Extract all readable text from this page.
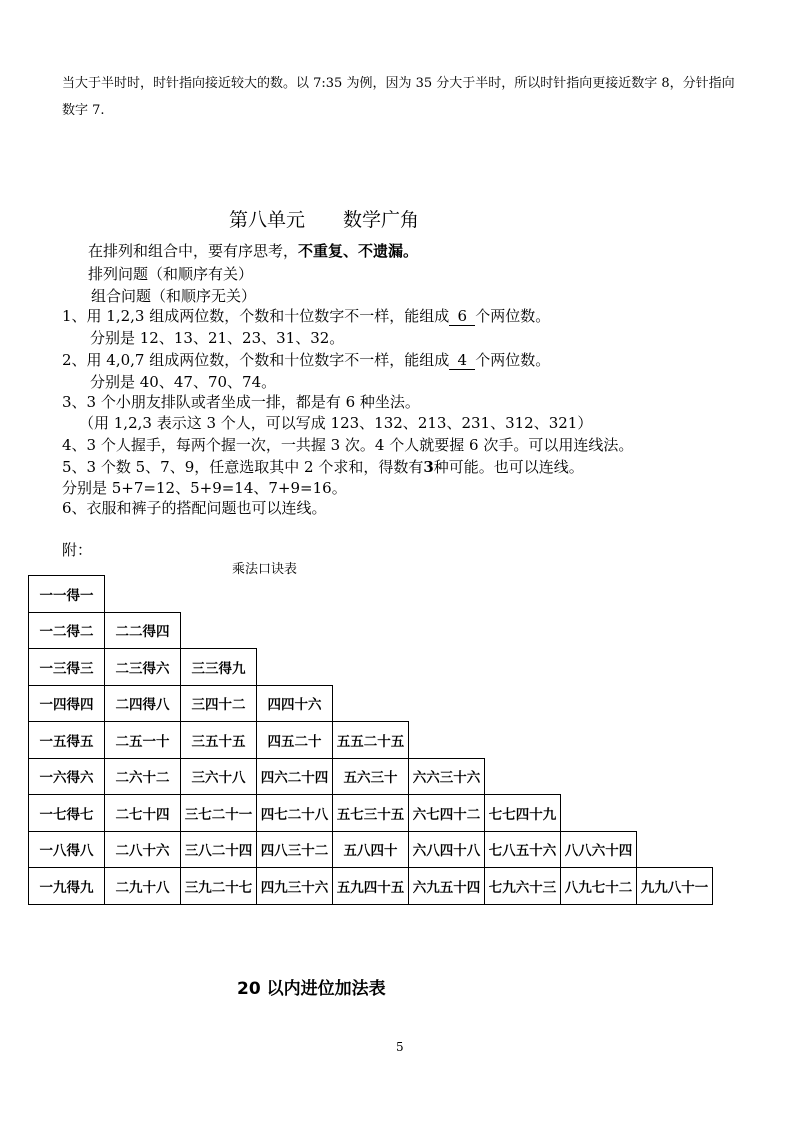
当大于半时时，时针指向接近较大的数。以 7:35 为例，因为 35 分大于半时，所以时针指向更接近数字 8，分针指向
数字 7.
第八单元 数学广角
在排列和组合中，要有序思考，不重复、不遗漏。
排列问题（和顺序有关）
组合问题（和顺序无关）
1、用 1,2,3 组成两位数，个数和十位数字不一样，能组成 6 个两位数。
分别是 12、13、21、23、31、32。
2、用 4,0,7 组成两位数，个数和十位数字不一样，能组成 4 个两位数。
分别是 40、47、70、74。
3、3 个小朋友排队或者坐成一排，都是有 6 种坐法。
（用 1,2,3 表示这 3 个人，可以写成 123、132、213、231、312、321）
4、3 个人握手，每两个握一次，一共握 3 次。4 个人就要握 6 次手。可以用连线法。
5、3 个数 5、7、9，任意选取其中 2 个求和，得数有3种可能。也可以连线。
分别是 5+7=12、5+9=14、7+9=16。
6、衣服和裤子的搭配问题也可以连线。
附：
乘法口诀表
一一得一								
一二得二	二二得四							
一三得三	二三得六	三三得九						
一四得四	二四得八	三四十二	四四十六					
一五得五	二五一十	三五十五	四五二十	五五二十五				
一六得六	二六十二	三六十八	四六二十四	五六三十	六六三十六			
一七得七	二七十四	三七二十一	四七二十八	五七三十五	六七四十二	七七四十九		
一八得八	二八十六	三八二十四	四八三十二	五八四十	六八四十八	七八五十六	八八六十四	
一九得九	二九十八	三九二十七	四九三十六	五九四十五	六九五十四	七九六十三	八九七十二	九九八十一
20 以内进位加法表
5
